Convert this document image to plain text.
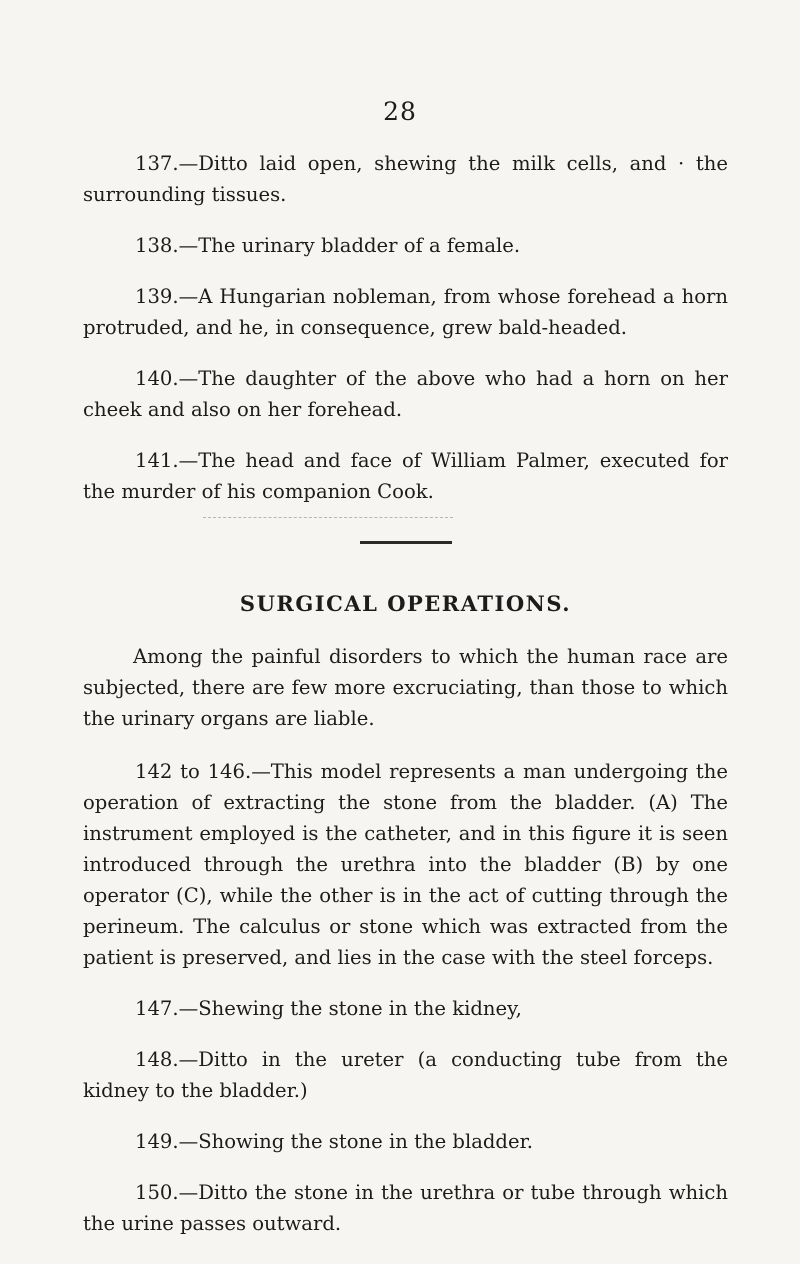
28

137.—Ditto laid open, shewing the milk cells, and · the surrounding tissues.

138.—The urinary bladder of a female.

139.—A Hungarian nobleman, from whose forehead a horn protruded, and he, in consequence, grew bald-headed.

140.—The daughter of the above who had a horn on her cheek and also on her forehead.

141.—The head and face of William Palmer, executed for the murder of his companion Cook.

SURGICAL OPERATIONS.

Among the painful disorders to which the human race are subjected, there are few more excruciating, than those to which the urinary organs are liable.

142 to 146.—This model represents a man undergoing the operation of extracting the stone from the bladder. (A) The instrument employed is the catheter, and in this figure it is seen introduced through the urethra into the bladder (B) by one operator (C), while the other is in the act of cutting through the perineum. The calculus or stone which was extracted from the patient is preserved, and lies in the case with the steel forceps.

147.—Shewing the stone in the kidney,

148.—Ditto in the ureter (a conducting tube from the kidney to the bladder.)

149.—Showing the stone in the bladder.

150.—Ditto the stone in the urethra or tube through which the urine passes outward.
